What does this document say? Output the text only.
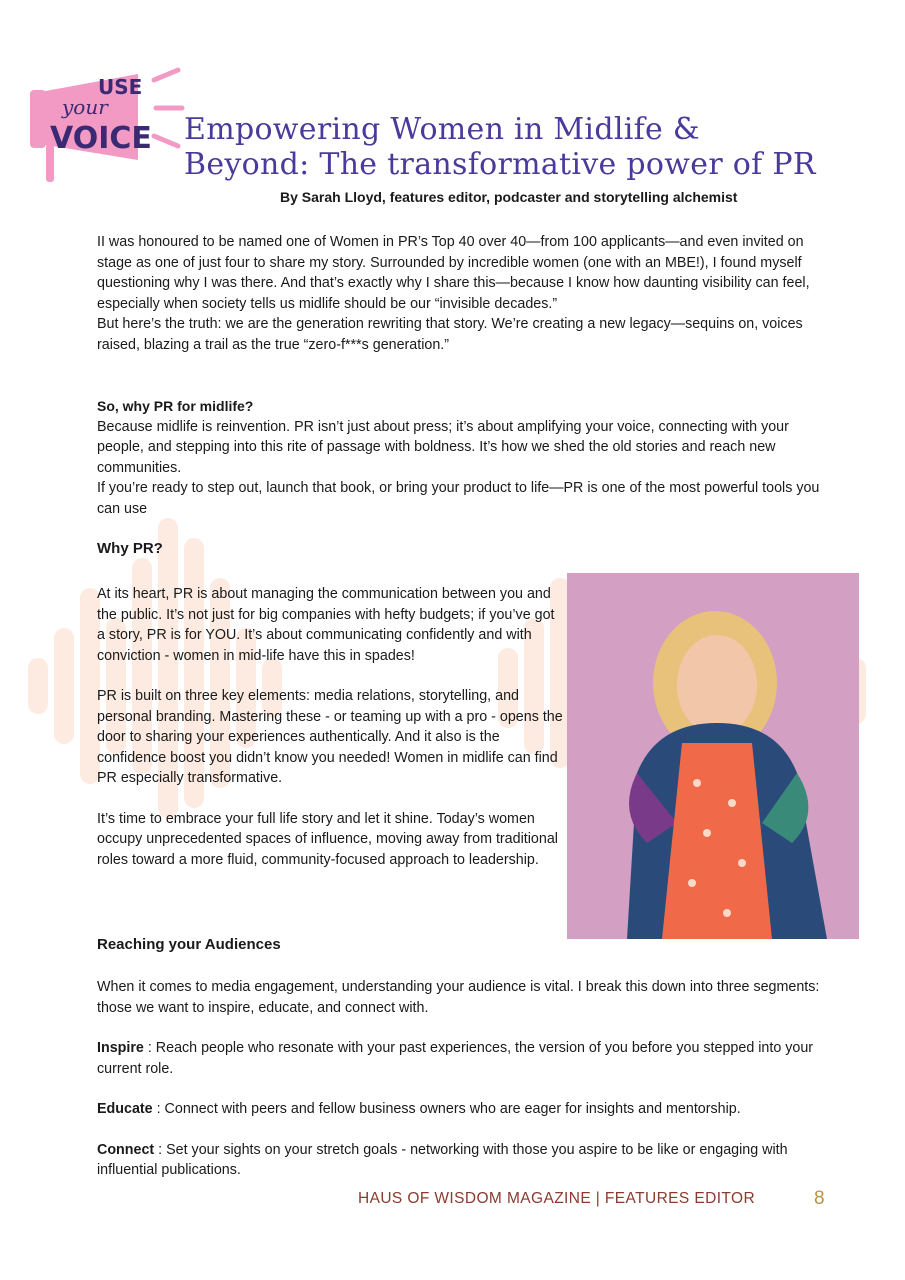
USE
your
VOICE Empowering Women in Midlife &
Beyond: The transformative power of PR
By Sarah Lloyd, features editor, podcaster and storytelling alchemist

II was honoured to be named one of Women in PR’s Top 40 over 40—from 100 applicants—and even invited on stage as one of just four to share my story. Surrounded by incredible women (one with an MBE!), I found myself questioning why I was there. And that’s exactly why I share this—because I know how daunting visibility can feel, especially when society tells us midlife should be our “invisible decades.”

But here’s the truth: we are the generation rewriting that story. We’re creating a new legacy—sequins on, voices raised, blazing a trail as the true “zero-f***s generation.”

So, why PR for midlife?

Because midlife is reinvention. PR isn’t just about press; it’s about amplifying your voice, connecting with your people, and stepping into this rite of passage with boldness. It’s how we shed the old stories and reach new communities.

If you’re ready to step out, launch that book, or bring your product to life—PR is one of the most powerful tools you can use

Why PR?

At its heart, PR is about managing the communication between you and the public. It’s not just for big companies with hefty budgets; if you’ve got a story, PR is for YOU. It’s about communicating confidently and with conviction - women in mid-life have this in spades!

PR is built on three key elements: media relations, storytelling, and personal branding. Mastering these - or teaming up with a pro - opens the door to sharing your experiences authentically. And it also is the confidence boost you didn’t know you needed! Women in midlife can find PR especially transformative.

It’s time to embrace your full life story and let it shine. Today’s women occupy unprecedented spaces of influence, moving away from traditional roles toward a more fluid, community-focused approach to leadership.

Reaching your Audiences

When it comes to media engagement, understanding your audience is vital. I break this down into three segments: those we want to inspire, educate, and connect with.

Inspire : Reach people who resonate with your past experiences, the version of you before you stepped into your current role.

Educate : Connect with peers and fellow business owners who are eager for insights and mentorship.

Connect : Set your sights on your stretch goals - networking with those you aspire to be like or engaging with influential publications.

HAUS OF WISDOM MAGAZINE | FEATURES EDITOR	8
